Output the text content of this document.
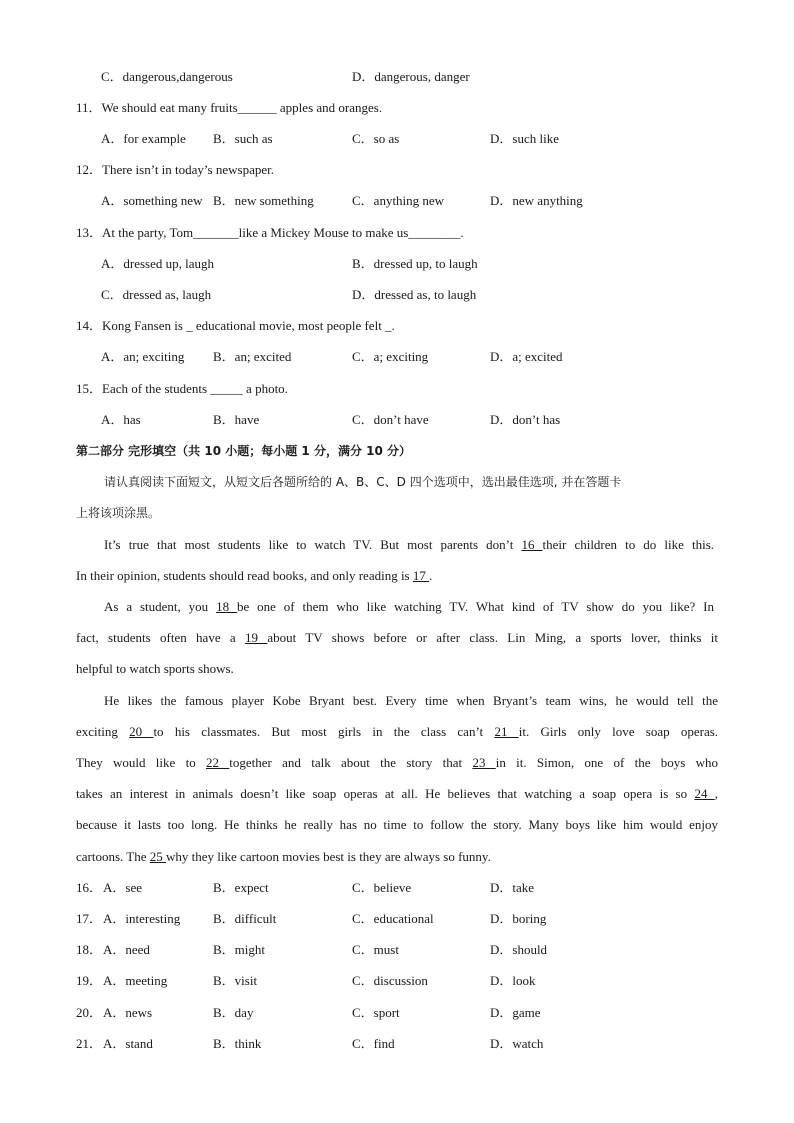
C．dangerous,dangerous	D．dangerous, danger
11．We should eat many fruits______ apples and oranges.
A．for example B．such as	C．so as	D．such like
12．There isn’t in today’s newspaper.
A．something new B．new something	C．anything new	D．new anything
13．At the party, Tom_______like a Mickey Mouse to make us________.
A．dressed up, laugh	B．dressed up, to laugh
C．dressed as, laugh	D．dressed as, to laugh
14．Kong Fansen is _ educational movie, most people felt _.
A．an; exciting B．an; excited	C．a; exciting	D．a; excited
15．Each of the students _____ a photo.
A．has	B．have	C．don’t have	D．don’t has
第二部分 完形填空（共 10 小题；每小题 1 分，满分 10 分）
请认真阅读下面短文，从短文后各题所给的 A、B、C、D 四个选项中，选出最佳选项, 并在答题卡
上将该项涂黑。
It’s true that most students like to watch TV. But most parents don’t 16 their children to do like this.
In their opinion, students should read books, and only reading is 17 .
As a student, you 18 be one of them who like watching TV. What kind of TV show do you like? In
fact, students often have a 19 about TV shows before or after class. Lin Ming, a sports lover, thinks it
helpful to watch sports shows.
He likes the famous player Kobe Bryant best. Every time when Bryant’s team wins, he would tell the
exciting 20 to his classmates. But most girls in the class can’t 21 it. Girls only love soap operas.
They would like to 22 together and talk about the story that 23 in it. Simon, one of the boys who
takes an interest in animals doesn’t like soap operas at all. He believes that watching a soap opera is so 24 ,
because it lasts too long. He thinks he really has no time to follow the story. Many boys like him would enjoy
cartoons. The 25 why they like cartoon movies best is they are always so funny.
16． A．see	B．expect	C．believe	D．take
17． A．interesting	B．difficult	C．educational	D．boring
18． A．need	B．might	C．must	D．should
19． A．meeting	B．visit	C．discussion	D．look
20． A．news	B．day	C．sport	D．game
21． A．stand	B．think	C．find	D．watch
